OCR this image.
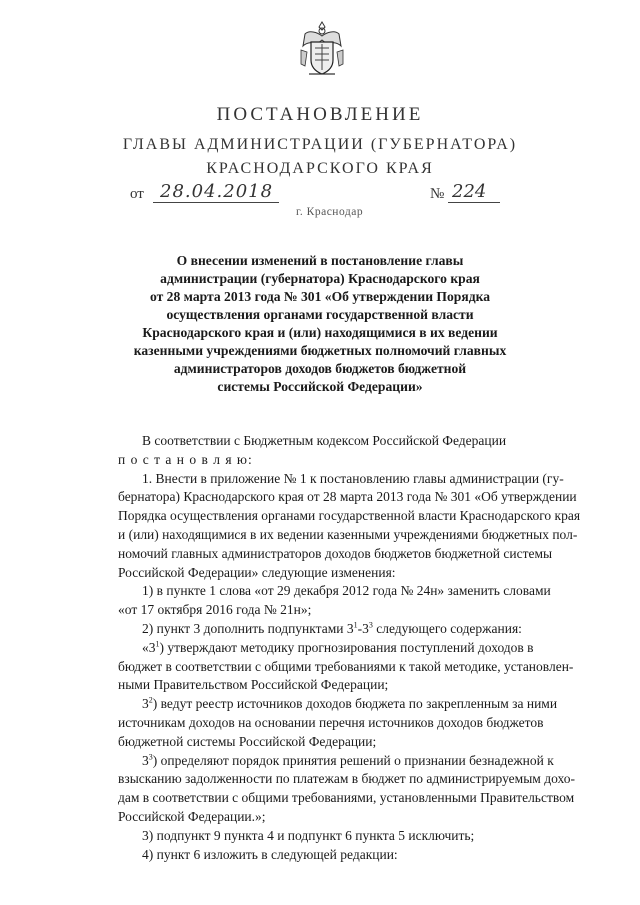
ПОСТАНОВЛЕНИЕ
ГЛАВЫ АДМИНИСТРАЦИИ (ГУБЕРНАТОРА)
КРАСНОДАРСКОГО КРАЯ
от 28.04.2018	№ 224
г. Краснодар
О внесении изменений в постановление главы
администрации (губернатора) Краснодарского края
от 28 марта 2013 года № 301 «Об утверждении Порядка
осуществления органами государственной власти
Краснодарского края и (или) находящимися в их ведении
казенными учреждениями бюджетных полномочий главных
администраторов доходов бюджетов бюджетной
системы Российской Федерации»
В соответствии с Бюджетным кодексом Российской Федерации
п о с т а н о в л я ю:
1. Внести в приложение № 1 к постановлению главы администрации (гу-
бернатора) Краснодарского края от 28 марта 2013 года № 301 «Об утверждении
Порядка осуществления органами государственной власти Краснодарского края
и (или) находящимися в их ведении казенными учреждениями бюджетных пол-
номочий главных администраторов доходов бюджетов бюджетной системы
Российской Федерации» следующие изменения:
1) в пункте 1 слова «от 29 декабря 2012 года № 24н» заменить словами
«от 17 октября 2016 года № 21н»;
2) пункт 3 дополнить подпунктами $3^1-3^3$ следующего содержания:
«$3^1$) утверждают методику прогнозирования поступлений доходов в
бюджет в соответствии с общими требованиями к такой методике, установлен-
ными Правительством Российской Федерации;
$3^2$) ведут реестр источников доходов бюджета по закрепленным за ними
источникам доходов на основании перечня источников доходов бюджетов
бюджетной системы Российской Федерации;
$3^3$) определяют порядок принятия решений о признании безнадежной к
взысканию задолженности по платежам в бюджет по администрируемым дохо-
дам в соответствии с общими требованиями, установленными Правительством
Российской Федерации.»;
3) подпункт 9 пункта 4 и подпункт 6 пункта 5 исключить;
4) пункт 6 изложить в следующей редакции:
